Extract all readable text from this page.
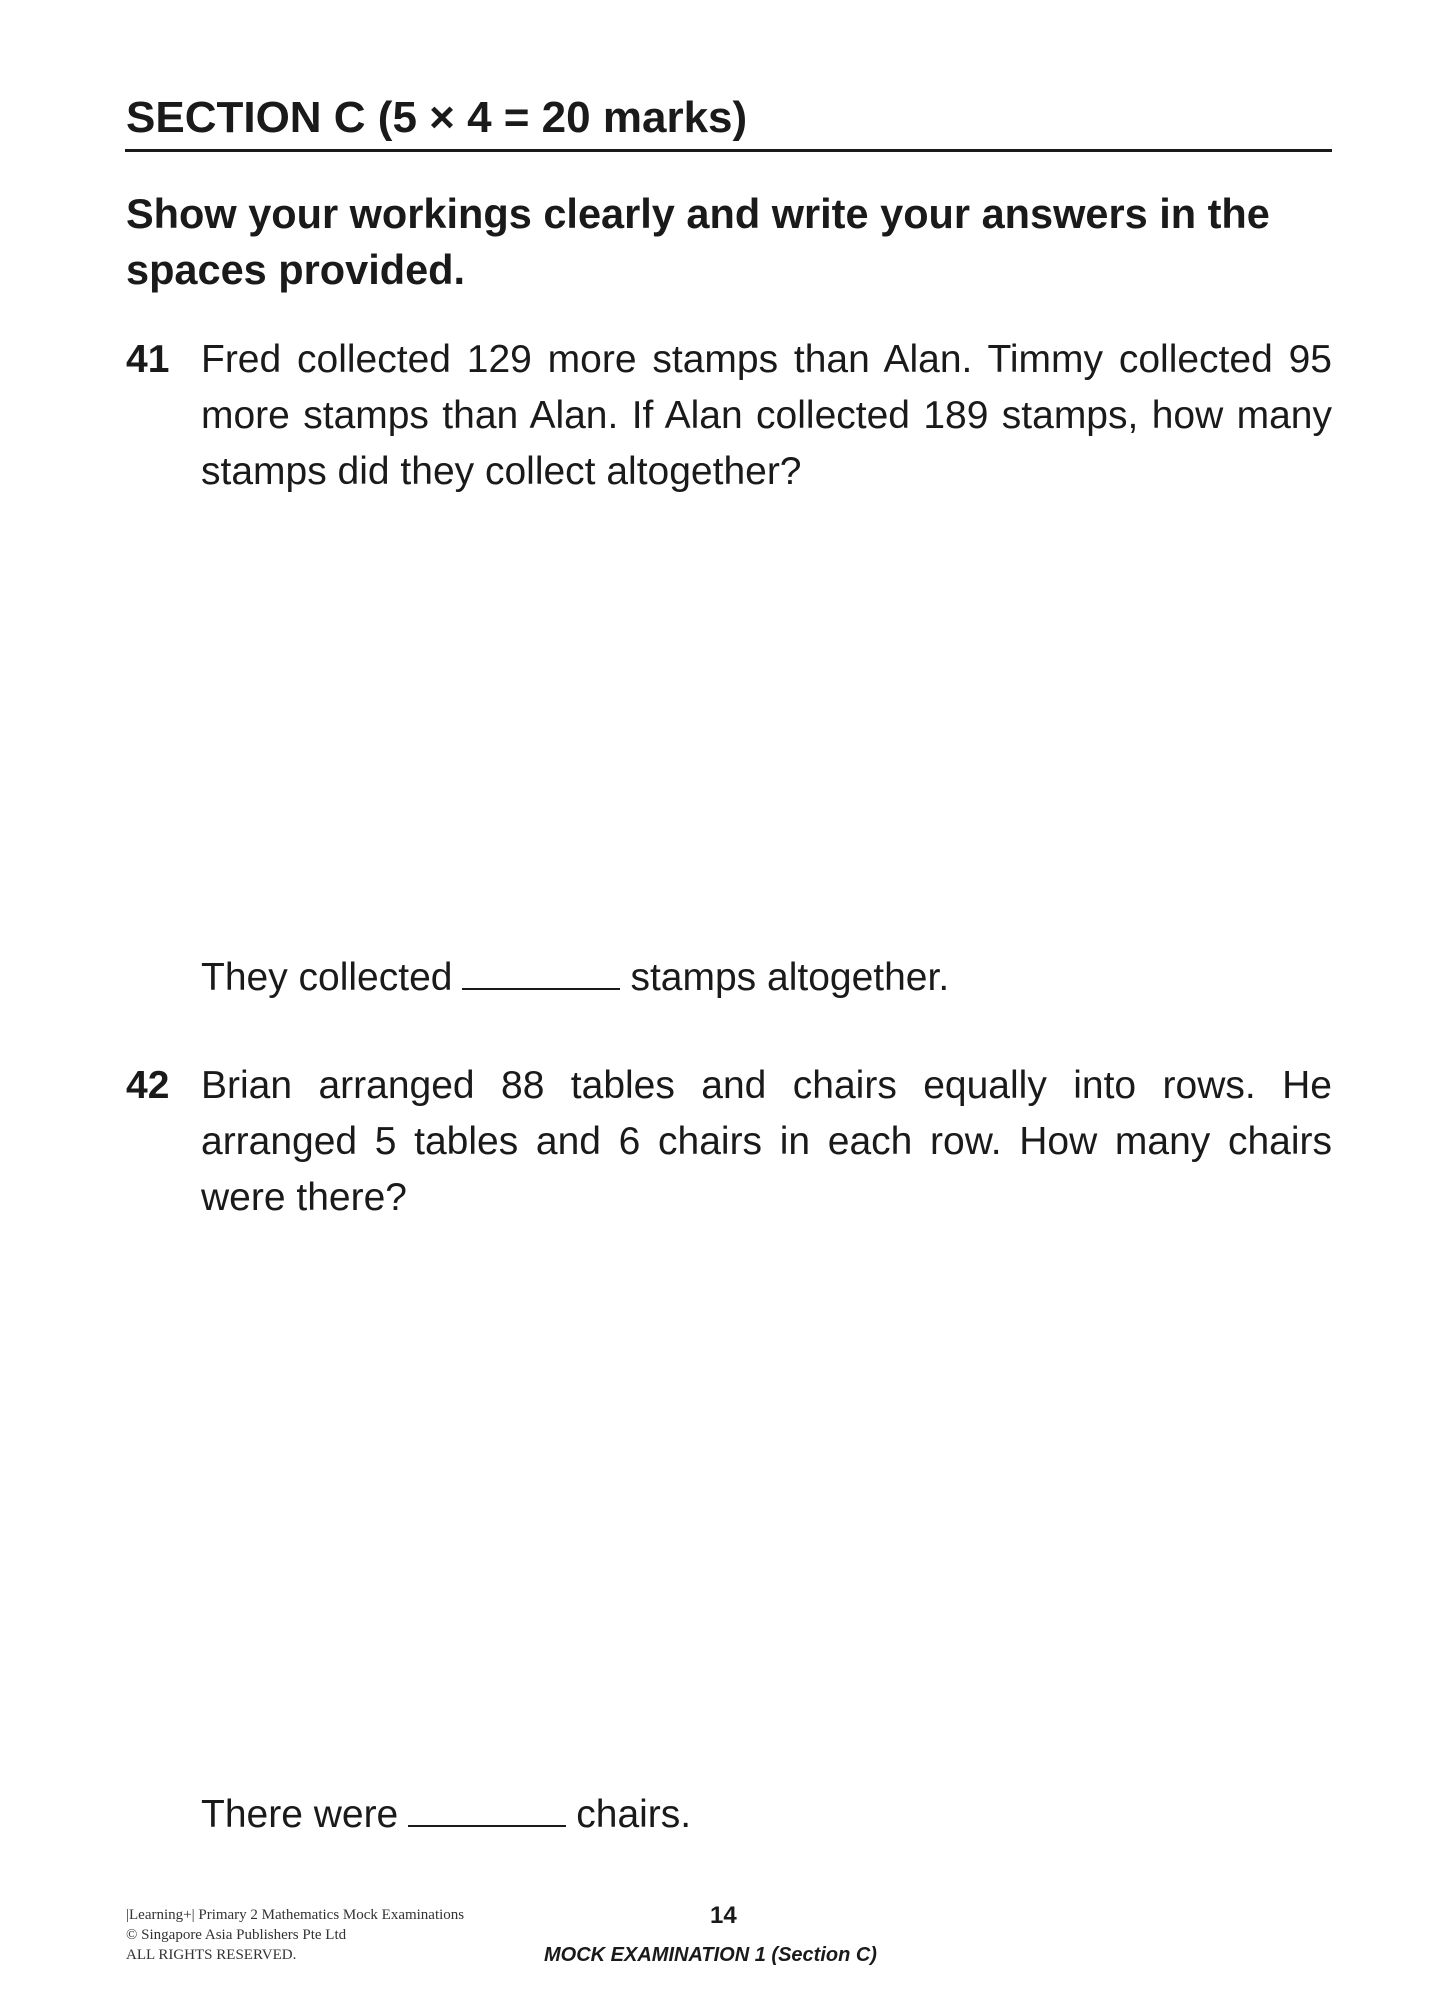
SECTION C (5 × 4 = 20 marks)
Show your workings clearly and write your answers in the spaces provided.
41 Fred collected 129 more stamps than Alan. Timmy collected 95 more stamps than Alan. If Alan collected 189 stamps, how many stamps did they collect altogether?
They collected	stamps altogether.
42 Brian arranged 88 tables and chairs equally into rows. He arranged 5 tables and 6 chairs in each row. How many chairs were there?
There were	chairs.
|Learning+| Primary 2 Mathematics Mock Examinations
© Singapore Asia Publishers Pte Ltd
ALL RIGHTS RESERVED.
14
MOCK EXAMINATION 1 (Section C)
